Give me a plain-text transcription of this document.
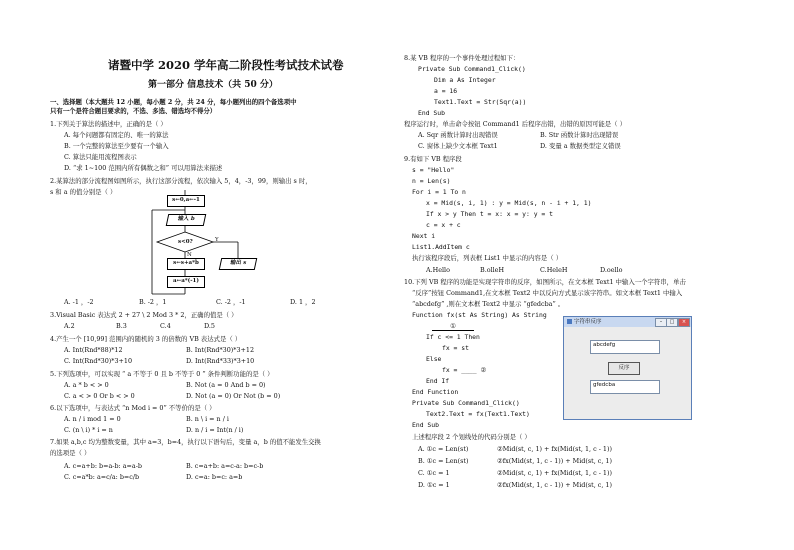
诸暨中学 2020 学年高二阶段性考试技术试卷
第一部分 信息技术（共 50 分）
一、选择题（本大题共 12 小题，每小题 2 分，共 24 分，每小题列出的四个备选项中
只有一个是符合题目要求的，不选、多选、错选均不得分）
1.下列关于算法的描述中，正确的是（ ）
A. 每个问题都有固定的、唯一的算法
B. 一个完整的算法至少要有一个输入
C. 算法只能用流程图表示
D. “求 1~100 范围内所有偶数之和” 可以用算法来描述
2.某算法的部分流程图如图所示，执行这部分流程，依次输入 5，4，-3，99，则输出 s 时，
s 和 a 的值分别是（ ）
s←0,a←-1
输入 b
s<0?	Y
N
s←s+a*b
a←a*(-1)
输出 s
A. -1 ，-2	B. -2 ，1	C. -2 ，-1	D. 1 ，2
3.Visual Basic 表达式 2 + 27 \ 2 Mod 3 * 2，正确的值是（ ）
A.2	B.3	C.4	D.5
4.产生一个 [10,99] 范围内的随机的 3 的倍数的 VB 表达式是（ ）
A. Int(Rnd*88)*12	B. Int(Rnd*30)*3+12
C. Int(Rnd*30)*3+10	D. Int(Rnd*33)*3+10
5.下列选项中，可以实现 “ a 不等于 0 且 b 不等于 0 ” 条件判断功能的是（ ）
A. a * b < > 0	B. Not (a = 0 And b = 0)
C. a < > 0 Or b < > 0	D. Not (a = 0) Or Not (b = 0)
6.以下选项中，与表达式 “n Mod i = 0” 不等价的是（ ）
A. n / i mod 1 = 0	B. n \ i = n / i
C. (n \ i) * i = n	D. n / i = Int(n / i)
7.如果 a,b,c 均为整数变量，其中 a=3，b=4，执行以下语句后，变量 a，b 的值不能发生交换
的选项是（ ）
A. c=a+b: b=a-b: a=a-b	B. c=a+b: a=c-a: b=c-b
C. c=a*b: a=c/a: b=c/b	D. c=a: b=c: a=b
8.某 VB 程序的一个事件处理过程如下：
Private Sub Command1_Click()
Dim a As Integer
a = 16
Text1.Text = Str(Sqr(a))
End Sub
程序运行时，单击命令按钮 Command1 后程序出错，出错的原因可能是（ ）
A. Sqr 函数计算时出现错误	B. Str 函数计算时出现错误
C. 窗体上缺少文本框 Text1	D. 变量 a 数据类型定义错误
9.有如下 VB 程序段
s = "Hello"
n = Len(s)
For i = 1 To n
x = Mid(s, i, 1) : y = Mid(s, n - i + 1, 1)
If x > y Then t = x: x = y: y = t
c = x + c
Next i
List1.AddItem c
执行该程序段后，列表框 List1 中显示的内容是（ ）
A.Hello	B.olleH	C.HeleH	D.oello
10.下列 VB 程序的功能是实现字符串的反序，如图所示，在文本框 Text1 中输入一个字符串，单击
“反序”按钮 Command1,在文本框 Text2 中以反向方式显示该字符串。如文本框 Text1 中输入
“abcdefg” ,则在文本框 Text2 中显示 “gfedcba” 。
Function fx(st As String) As String
①
If c <= 1 Then
fx = st
Else
fx = ____ ②
End If
End Function
Private Sub Command1_Click()
Text2.Text = fx(Text1.Text)
End Sub
上述程序段 2 个划线处的代码分别是（ ）
A. ①c = Len(st)	②Mid(st, c, 1) + fx(Mid(st, 1, c - 1))
B. ①c = Len(st)	②fx(Mid(st, 1, c - 1)) + Mid(st, c, 1)
C. ①c = 1	②Mid(st, c, 1) + fx(Mid(st, 1, c - 1))
D. ①c = 1	②fx(Mid(st, 1, c - 1)) + Mid(st, c, 1)
字符串反序	–	□	×
abcdefg
反序
gfedcba
